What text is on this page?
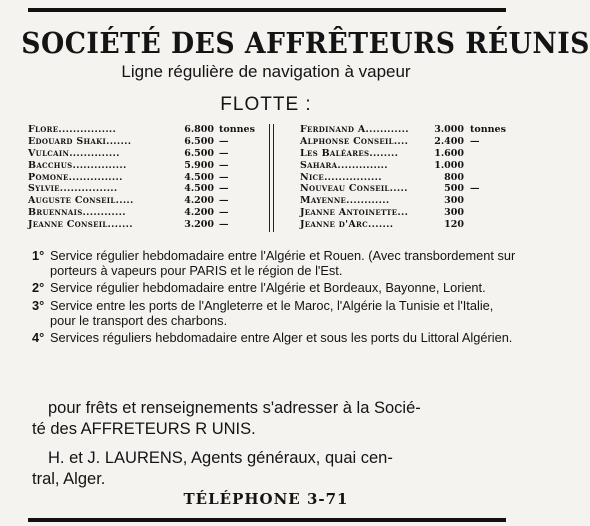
SOCIÉTÉ DES AFFRÊTEURS RÉUNIS
Ligne régulière de navigation à vapeur
FLOTTE :
Flore................	6.800 tonnes
Edouard Shaki.......	6.500 —
Vulcain..............	6.500 —
Bacchus...............	5.900 —
Pomone...............	4.500 —
Sylvie................	4.500 —
Auguste Conseil.....	4.200 —
Bruennais............	4.200 —
Jeanne Conseil.......	3.200 —
Ferdinand A............	3.000 tonnes
Alphonse Conseil....	2.400 —
Les Baléares........	1.600
Sahara..............	1.000
Nice................	800
Nouveau Conseil.....	500 —
Mayenne............	300
Jeanne Antoinette...	300
Jeanne d'Arc.......	120
1° Service régulier hebdomadaire entre l'Algérie et Rouen. (Avec transbordement sur porteurs à vapeurs pour PARIS et le région de l'Est.
2° Service régulier hebdomadaire entre l'Algérie et Bordeaux, Bayonne, Lorient.
3° Service entre les ports de l'Angleterre et le Maroc, l'Algérie la Tunisie et l'Italie, pour le transport des charbons.
4° Services réguliers hebdomadaire entre Alger et sous les ports du Littoral Algérien.
pour frêts et renseignements s'adresser à la Socié-
té des AFFRETEURS R UNIS.
H. et J. LAURENS, Agents généraux, quai cen-
tral, Alger.
TÉLÉPHONE 3-71
